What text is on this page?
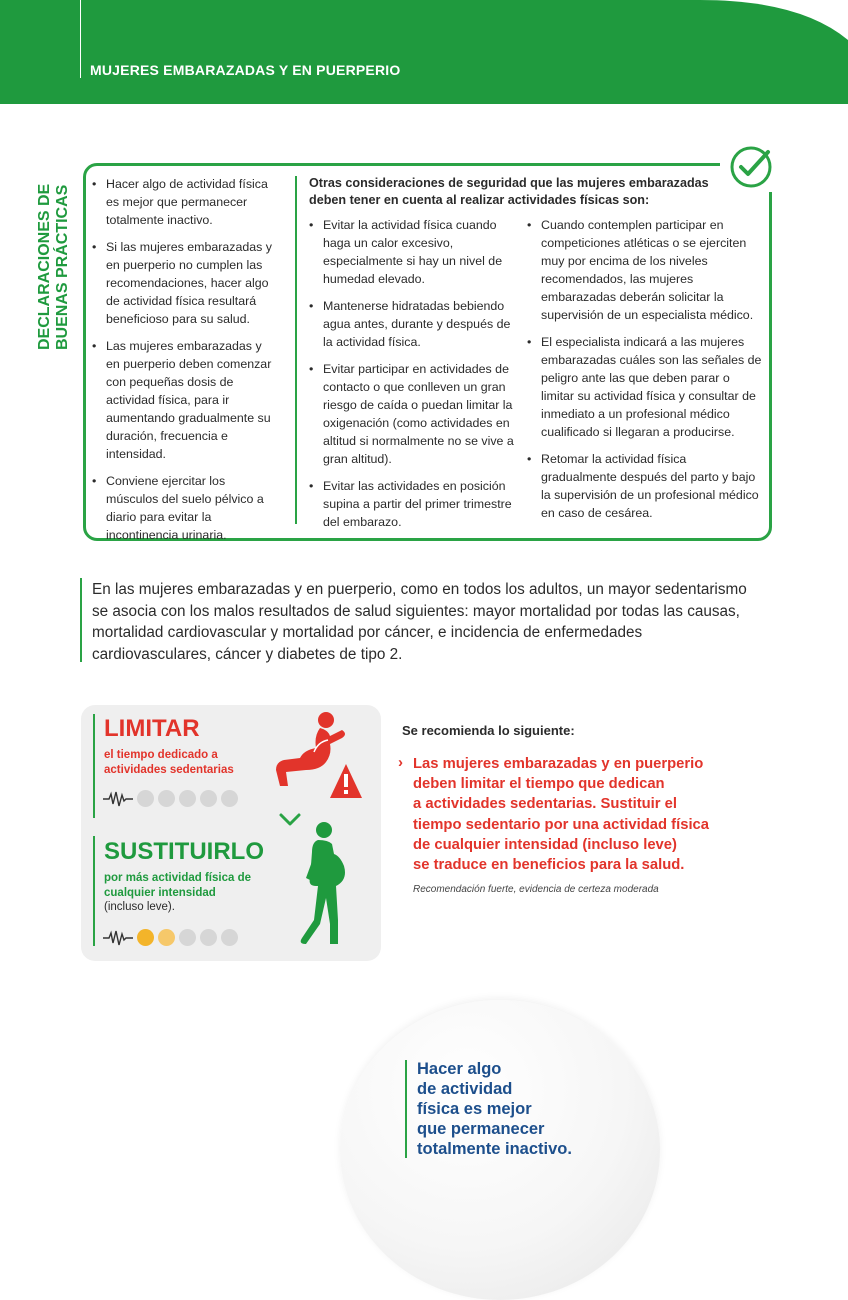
MUJERES EMBARAZADAS Y EN PUERPERIO
DECLARACIONES DE BUENAS PRÁCTICAS
• Hacer algo de actividad física es mejor que permanecer totalmente inactivo.
• Si las mujeres embarazadas y en puerperio no cumplen las recomendaciones, hacer algo de actividad física resultará beneficioso para su salud.
• Las mujeres embarazadas y en puerperio deben comenzar con pequeñas dosis de actividad física, para ir aumentando gradualmente su duración, frecuencia e intensidad.
• Conviene ejercitar los músculos del suelo pélvico a diario para evitar la incontinencia urinaria.
Otras consideraciones de seguridad que las mujeres embarazadas deben tener en cuenta al realizar actividades físicas son:
• Evitar la actividad física cuando haga un calor excesivo, especialmente si hay un nivel de humedad elevado.
• Mantenerse hidratadas bebiendo agua antes, durante y después de la actividad física.
• Evitar participar en actividades de contacto o que conlleven un gran riesgo de caída o puedan limitar la oxigenación (como actividades en altitud si normalmente no se vive a gran altitud).
• Evitar las actividades en posición supina a partir del primer trimestre del embarazo.
• Cuando contemplen participar en competiciones atléticas o se ejerciten muy por encima de los niveles recomendados, las mujeres embarazadas deberán solicitar la supervisión de un especialista médico.
• El especialista indicará a las mujeres embarazadas cuáles son las señales de peligro ante las que deben parar o limitar su actividad física y consultar de inmediato a un profesional médico cualificado si llegaran a producirse.
• Retomar la actividad física gradualmente después del parto y bajo la supervisión de un profesional médico en caso de cesárea.
En las mujeres embarazadas y en puerperio, como en todos los adultos, un mayor sedentarismo se asocia con los malos resultados de salud siguientes: mayor mortalidad por todas las causas, mortalidad cardiovascular y mortalidad por cáncer, e incidencia de enfermedades cardiovasculares, cáncer y diabetes de tipo 2.
LIMITAR
el tiempo dedicado a actividades sedentarias
SUSTITUIRLO
por más actividad física de cualquier intensidad
(incluso leve).
Se recomienda lo siguiente:
› Las mujeres embarazadas y en puerperio
deben limitar el tiempo que dedican
a actividades sedentarias. Sustituir el
tiempo sedentario por una actividad física
de cualquier intensidad (incluso leve)
se traduce en beneficios para la salud.
Recomendación fuerte, evidencia de certeza moderada
Hacer algo
de actividad
física es mejor
que permanecer
totalmente inactivo.
